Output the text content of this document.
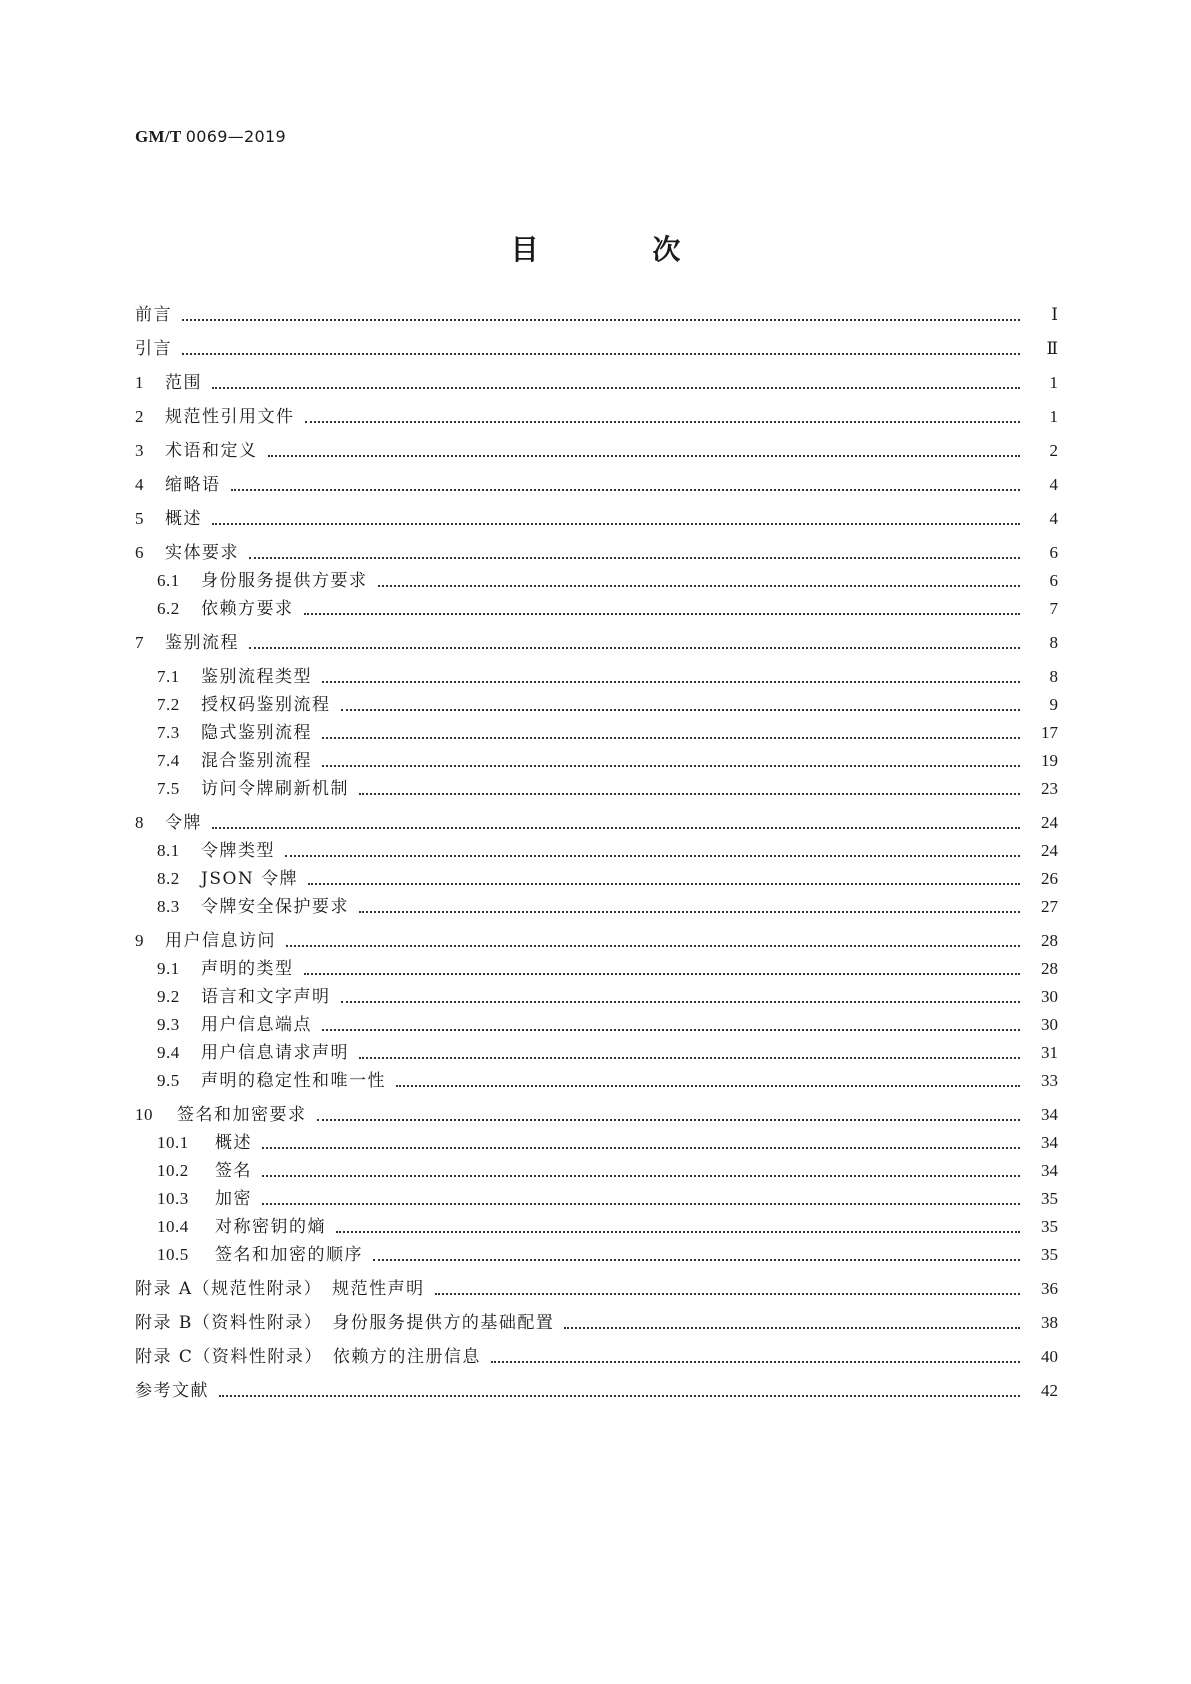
GM/T 0069—2019
目 次
前言	Ⅰ
引言	Ⅱ
1	范围	1
2	规范性引用文件	1
3	术语和定义	2
4	缩略语	4
5	概述	4
6	实体要求	6
6.1	身份服务提供方要求	6
6.2	依赖方要求	7
7	鉴别流程	8
7.1	鉴别流程类型	8
7.2	授权码鉴别流程	9
7.3	隐式鉴别流程	17
7.4	混合鉴别流程	19
7.5	访问令牌刷新机制	23
8	令牌	24
8.1	令牌类型	24
8.2	JSON 令牌	26
8.3	令牌安全保护要求	27
9	用户信息访问	28
9.1	声明的类型	28
9.2	语言和文字声明	30
9.3	用户信息端点	30
9.4	用户信息请求声明	31
9.5	声明的稳定性和唯一性	33
10	签名和加密要求	34
10.1	概述	34
10.2	签名	34
10.3	加密	35
10.4	对称密钥的熵	35
10.5	签名和加密的顺序	35
附录 A（规范性附录）　规范性声明	36
附录 B（资料性附录）　身份服务提供方的基础配置	38
附录 C（资料性附录）　依赖方的注册信息	40
参考文献	42
